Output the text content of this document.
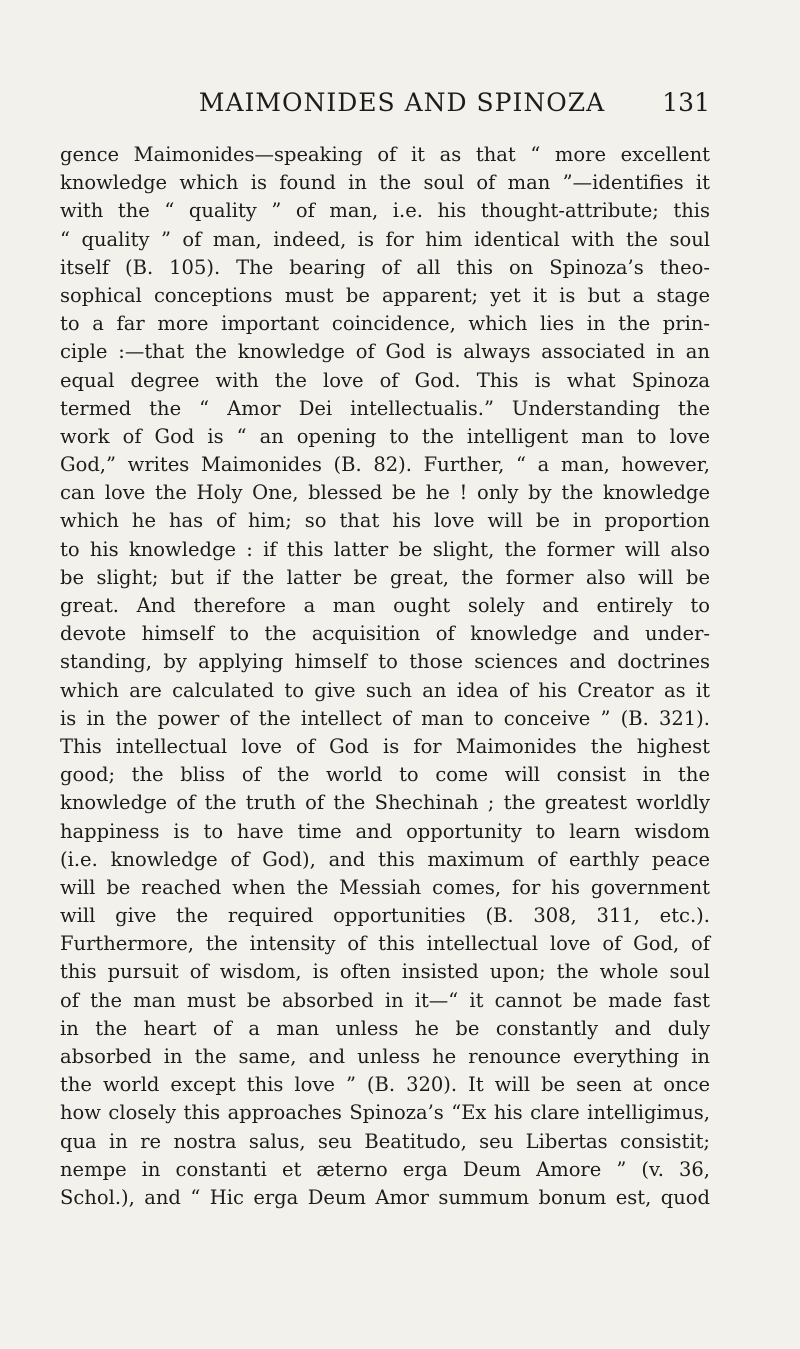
MAIMONIDES AND SPINOZA	131
gence Maimonides—speaking of it as that “ more excellent
knowledge which is found in the soul of man ”—identifies it
with the “ quality ” of man, i.e. his thought-attribute; this
“ quality ” of man, indeed, is for him identical with the soul
itself (B. 105). The bearing of all this on Spinoza’s theo-
sophical conceptions must be apparent; yet it is but a stage
to a far more important coincidence, which lies in the prin-
ciple :—that the knowledge of God is always associated in an
equal degree with the love of God. This is what Spinoza
termed the “ Amor Dei intellectualis.” Understanding the
work of God is “ an opening to the intelligent man to love
God,” writes Maimonides (B. 82). Further, “ a man, however,
can love the Holy One, blessed be he ! only by the knowledge
which he has of him; so that his love will be in proportion
to his knowledge : if this latter be slight, the former will also
be slight; but if the latter be great, the former also will be
great. And therefore a man ought solely and entirely to
devote himself to the acquisition of knowledge and under-
standing, by applying himself to those sciences and doctrines
which are calculated to give such an idea of his Creator as it
is in the power of the intellect of man to conceive ” (B. 321).
This intellectual love of God is for Maimonides the highest
good; the bliss of the world to come will consist in the
knowledge of the truth of the Shechinah ; the greatest worldly
happiness is to have time and opportunity to learn wisdom
(i.e. knowledge of God), and this maximum of earthly peace
will be reached when the Messiah comes, for his government
will give the required opportunities (B. 308, 311, etc.).
Furthermore, the intensity of this intellectual love of God, of
this pursuit of wisdom, is often insisted upon; the whole soul
of the man must be absorbed in it—“ it cannot be made fast
in the heart of a man unless he be constantly and duly
absorbed in the same, and unless he renounce everything in
the world except this love ” (B. 320). It will be seen at once
how closely this approaches Spinoza’s “Ex his clare intelligimus,
qua in re nostra salus, seu Beatitudo, seu Libertas consistit;
nempe in constanti et æterno erga Deum Amore ” (v. 36,
Schol.), and “ Hic erga Deum Amor summum bonum est, quod
